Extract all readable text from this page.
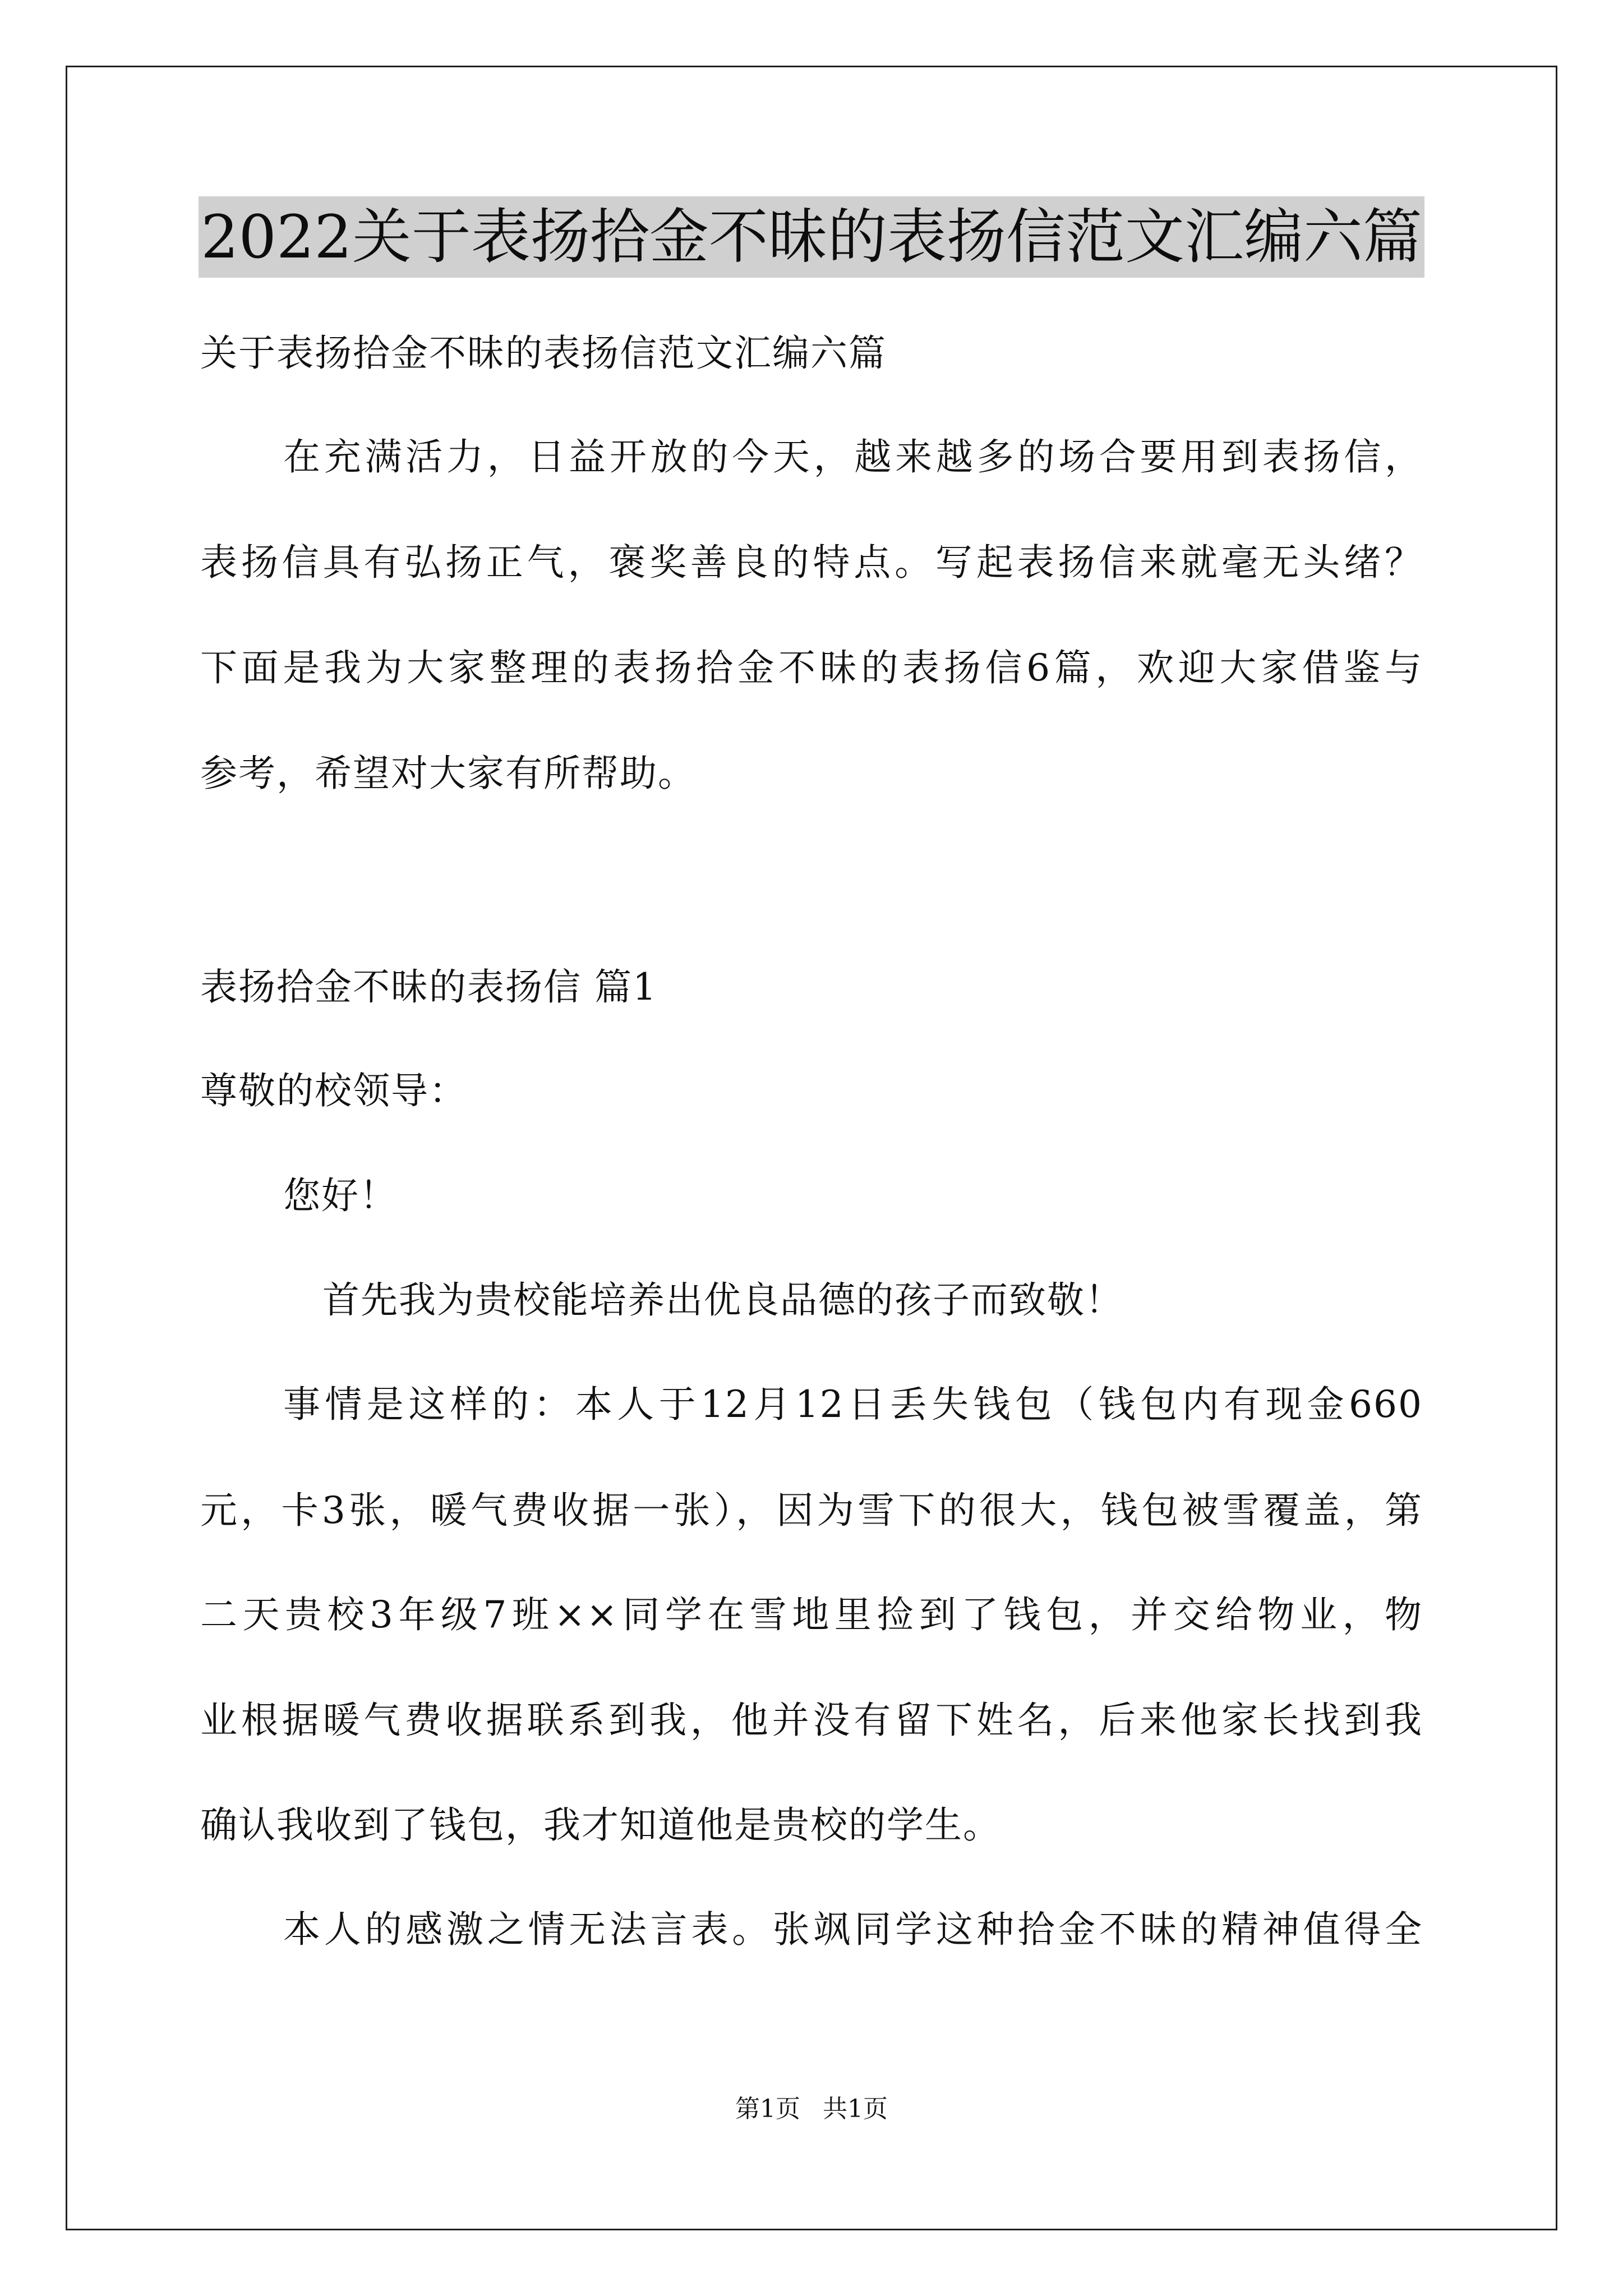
2022关于表扬拾金不昧的表扬信范文汇编六篇
关于表扬拾金不昧的表扬信范文汇编六篇
在充满活力，日益开放的今天，越来越多的场合要用到表扬信，
表扬信具有弘扬正气，褒奖善良的特点。写起表扬信来就毫无头绪？
下面是我为大家整理的表扬拾金不昧的表扬信6篇，欢迎大家借鉴与
参考，希望对大家有所帮助。
表扬拾金不昧的表扬信 篇1
尊敬的校领导：
您好！
首先我为贵校能培养出优良品德的孩子而致敬！
事情是这样的：本人于12月12日丢失钱包（钱包内有现金660
元，卡3张，暖气费收据一张），因为雪下的很大，钱包被雪覆盖，第
二天贵校3年级7班××同学在雪地里捡到了钱包，并交给物业，物
业根据暖气费收据联系到我，他并没有留下姓名，后来他家长找到我
确认我收到了钱包，我才知道他是贵校的学生。
本人的感激之情无法言表。张飒同学这种拾金不昧的精神值得全
第1页 共1页
